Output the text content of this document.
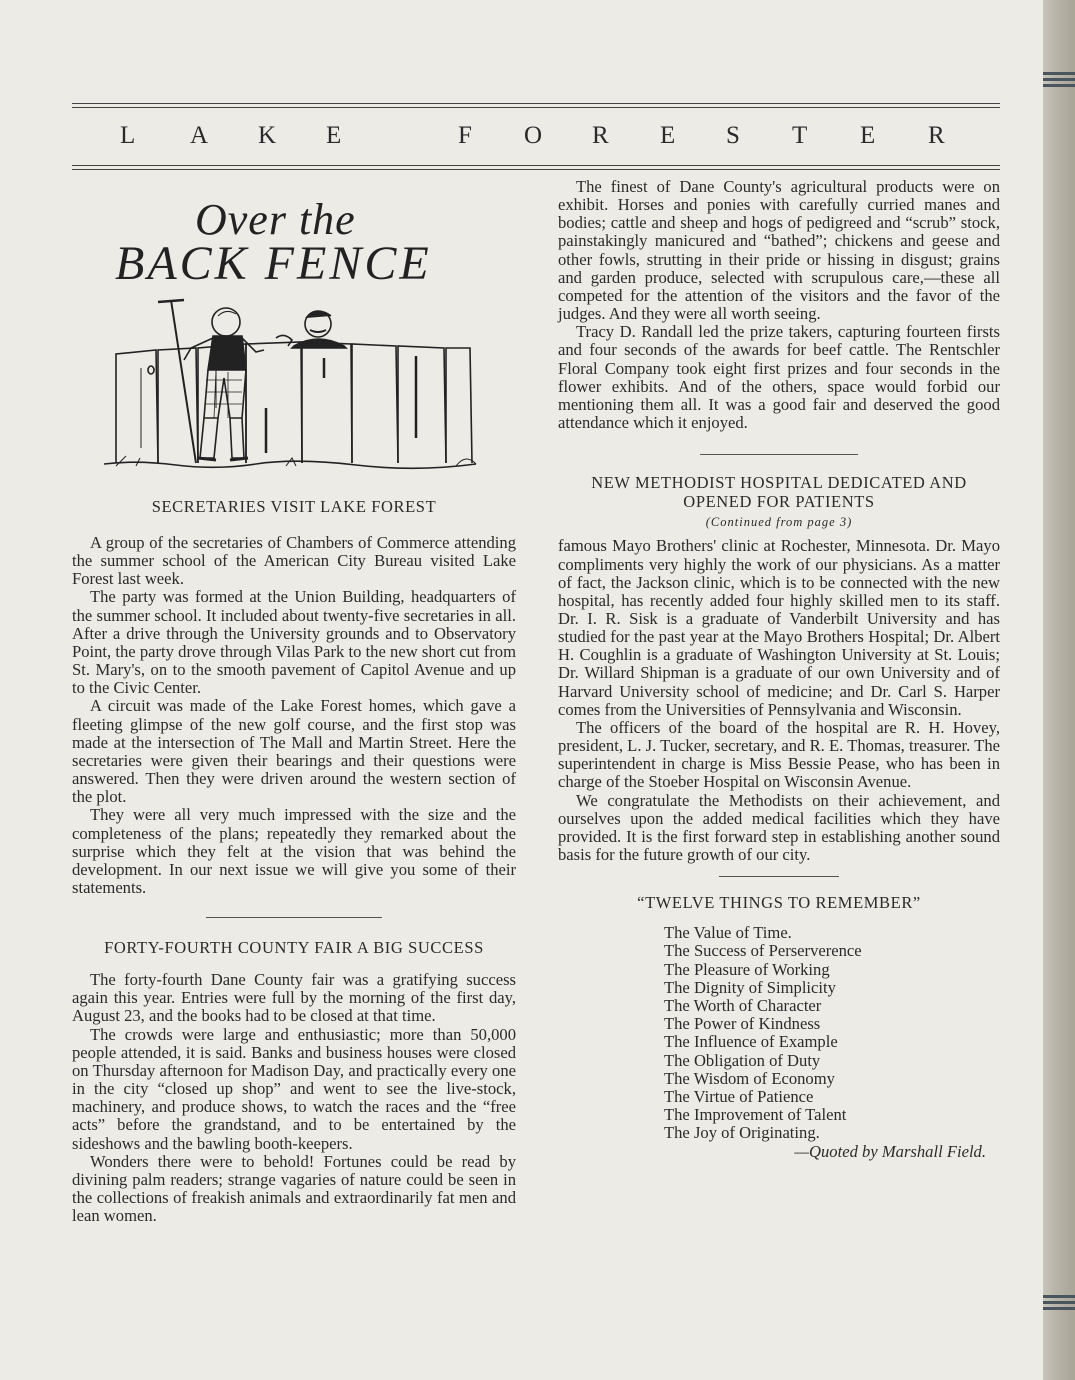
L A K E	F O R E S T E R
Over the
BACK FENCE
SECRETARIES VISIT LAKE FOREST

A group of the secretaries of Chambers of Commerce attending the summer school of the American City Bureau visited Lake Forest last week.

The party was formed at the Union Building, headquarters of the summer school. It included about twenty-five secretaries in all. After a drive through the University grounds and to Observatory Point, the party drove through Vilas Park to the new short cut from St. Mary's, on to the smooth pavement of Capitol Avenue and up to the Civic Center.

A circuit was made of the Lake Forest homes, which gave a fleeting glimpse of the new golf course, and the first stop was made at the intersection of The Mall and Martin Street. Here the secretaries were given their bearings and their questions were answered. Then they were driven around the western section of the plot.

They were all very much impressed with the size and the completeness of the plans; repeatedly they remarked about the surprise which they felt at the vision that was behind the development. In our next issue we will give you some of their statements.

FORTY-FOURTH COUNTY FAIR A BIG SUCCESS

The forty-fourth Dane County fair was a gratifying success again this year. Entries were full by the morning of the first day, August 23, and the books had to be closed at that time.

The crowds were large and enthusiastic; more than 50,000 people attended, it is said. Banks and business houses were closed on Thursday afternoon for Madison Day, and practically every one in the city “closed up shop” and went to see the live-stock, machinery, and produce shows, to watch the races and the “free acts” before the grandstand, and to be entertained by the sideshows and the bawling booth-keepers.

Wonders there were to behold! Fortunes could be read by divining palm readers; strange vagaries of nature could be seen in the collections of freakish animals and extraordinarily fat men and lean women.

The finest of Dane County's agricultural products were on exhibit. Horses and ponies with carefully curried manes and bodies; cattle and sheep and hogs of pedigreed and “scrub” stock, painstakingly manicured and “bathed”; chickens and geese and other fowls, strutting in their pride or hissing in disgust; grains and garden produce, selected with scrupulous care,—these all competed for the attention of the visitors and the favor of the judges. And they were all worth seeing.

Tracy D. Randall led the prize takers, capturing fourteen firsts and four seconds of the awards for beef cattle. The Rentschler Floral Company took eight first prizes and four seconds in the flower exhibits. And of the others, space would forbid our mentioning them all. It was a good fair and deserved the good attendance which it enjoyed.

NEW METHODIST HOSPITAL DEDICATED AND OPENED FOR PATIENTS
(Continued from page 3)

famous Mayo Brothers' clinic at Rochester, Minnesota. Dr. Mayo compliments very highly the work of our physicians. As a matter of fact, the Jackson clinic, which is to be connected with the new hospital, has recently added four highly skilled men to its staff. Dr. I. R. Sisk is a graduate of Vanderbilt University and has studied for the past year at the Mayo Brothers Hospital; Dr. Albert H. Coughlin is a graduate of Washington University at St. Louis; Dr. Willard Shipman is a graduate of our own University and of Harvard University school of medicine; and Dr. Carl S. Harper comes from the Universities of Pennsylvania and Wisconsin.

The officers of the board of the hospital are R. H. Hovey, president, L. J. Tucker, secretary, and R. E. Thomas, treasurer. The superintendent in charge is Miss Bessie Pease, who has been in charge of the Stoeber Hospital on Wisconsin Avenue.

We congratulate the Methodists on their achievement, and ourselves upon the added medical facilities which they have provided. It is the first forward step in establishing another sound basis for the future growth of our city.

“TWELVE THINGS TO REMEMBER”
The Value of Time.
The Success of Perserverence
The Pleasure of Working
The Dignity of Simplicity
The Worth of Character
The Power of Kindness
The Influence of Example
The Obligation of Duty
The Wisdom of Economy
The Virtue of Patience
The Improvement of Talent
The Joy of Originating.
—Quoted by Marshall Field.
